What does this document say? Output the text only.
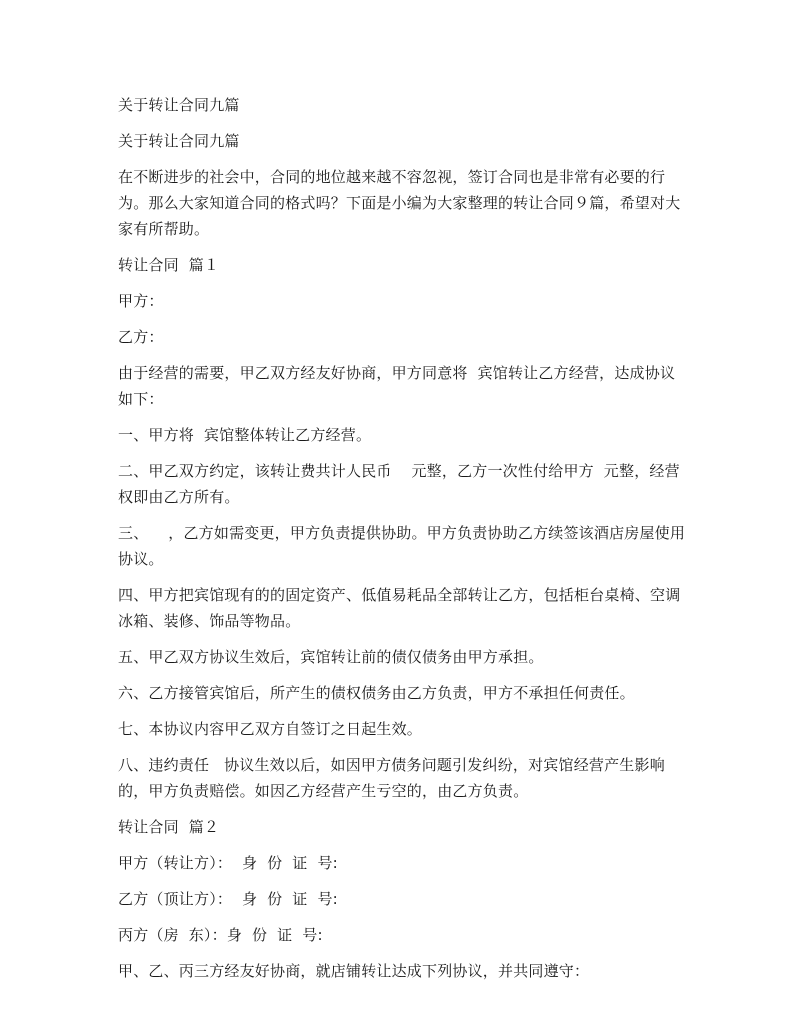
关于转让合同九篇

关于转让合同九篇

在不断进步的社会中，合同的地位越来越不容忽视，签订合同也是非常有必要的行为。那么大家知道合同的格式吗？下面是小编为大家整理的转让合同９篇，希望对大家有所帮助。

转让合同  篇１

甲方：

乙方：

由于经营的需要，甲乙双方经友好协商，甲方同意将  宾馆转让乙方经营，达成协议如下：

一、甲方将  宾馆整体转让乙方经营。

二、甲乙双方约定，该转让费共计人民币    元整，乙方一次性付给甲方  元整，经营权即由乙方所有。

三、    ，乙方如需变更，甲方负责提供协助。甲方负责协助乙方续签该酒店房屋使用协议。

四、甲方把宾馆现有的的固定资产、低值易耗品全部转让乙方，包括柜台桌椅、空调冰箱、装修、饰品等物品。

五、甲乙双方协议生效后，宾馆转让前的债仅债务由甲方承担。

六、乙方接管宾馆后，所产生的债权债务由乙方负责，甲方不承担任何责任。

七、本协议内容甲乙双方自签订之日起生效。

八、违约责任   协议生效以后，如因甲方债务问题引发纠纷，对宾馆经营产生影响的，甲方负责赔偿。如因乙方经营产生亏空的，由乙方负责。

转让合同  篇２

甲方（转让方）：  身  份  证  号:

乙方（顶让方）：  身  份  证  号:

丙方（房  东）：身  份  证  号:

甲、乙、丙三方经友好协商，就店铺转让达成下列协议，并共同遵守：
